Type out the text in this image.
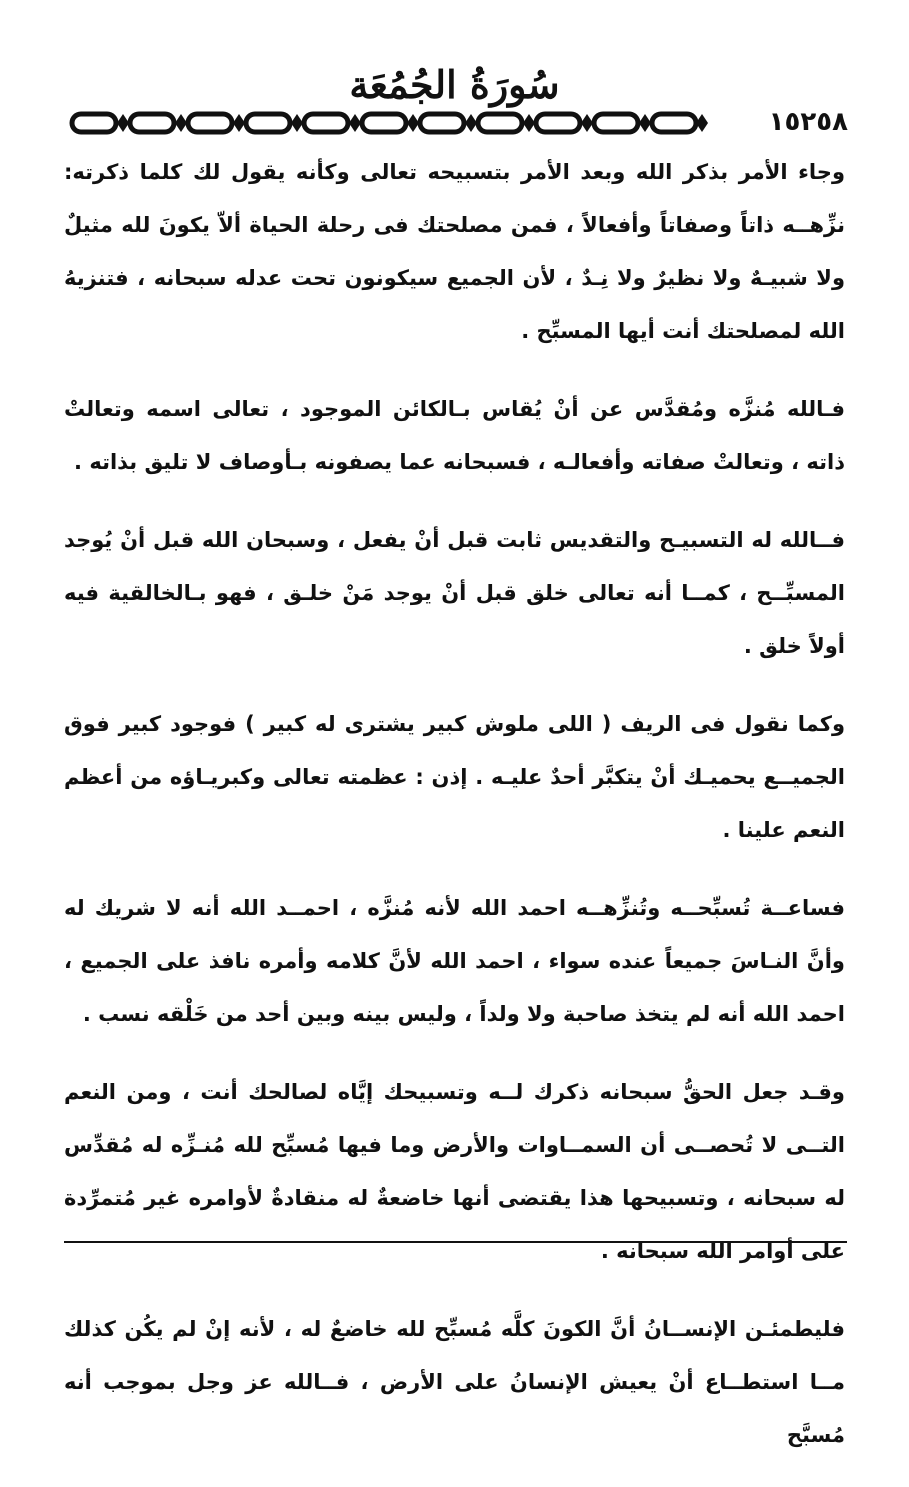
سُورَةُ الجُمُعَة
١٥٢٥٨

وجاء الأمر بذكر الله وبعد الأمر بتسبيحه تعالى وكأنه يقول لك كلما ذكرته: نزِّهــه ذاتاً وصفاتاً وأفعالاً ، فمن مصلحتك فى رحلة الحياة ألاّ يكونَ لله مثيلٌ ولا شبيـهٌ ولا نظيرٌ ولا نِـدٌ ، لأن الجميع سيكونون تحت عدله سبحانه ، فتنزيهُ الله لمصلحتك أنت أيها المسبِّح .

فـالله مُنزَّه ومُقدَّس عن أنْ يُقاس بـالكائن الموجود ، تعالى اسمه وتعالتْ ذاته ، وتعالتْ صفاته وأفعالـه ، فسبحانه عما يصفونه بـأوصاف لا تليق بذاته .

فــالله له التسبيـح والتقديس ثابت قبل أنْ يفعل ، وسبحان الله قبل أنْ يُوجد المسبِّــح ، كمــا أنه تعالى خلق قبل أنْ يوجد مَنْ خلـق ، فهو بـالخالقية فيه أولاً خلق .

وكما نقول فى الريف ( اللى ملوش كبير يشترى له كبير ) فوجود كبير فوق الجميــع يحميـك أنْ يتكبَّر أحدٌ عليـه . إذن : عظمته تعالى وكبريـاؤه من أعظم النعم علينا .

فساعــة تُسبِّحــه وتُنزِّهــه احمد الله لأنه مُنزَّه ، احمــد الله أنه لا شريك له وأنَّ النـاسَ جميعاً عنده سواء ، احمد الله لأنَّ كلامه وأمره نافذ على الجميع ، احمد الله أنه لم يتخذ صاحبة ولا ولداً ، وليس بينه وبين أحد من خَلْقه نسب .

وقـد جعل الحقُّ سبحانه ذكرك لــه وتسبيحك إيَّاه لصالحك أنت ، ومن النعم التــى لا تُحصــى أن السمــاوات والأرض وما فيها مُسبِّح لله مُنـزِّه له مُقدِّس له سبحانه ، وتسبيحها هذا يقتضى أنها خاضعةٌ له منقادةٌ لأوامره غير مُتمرِّدة على أوامر الله سبحانه .

فليطمئـن الإنســانُ أنَّ الكونَ كلَّه مُسبِّح لله خاضعٌ له ، لأنه إنْ لم يكُن كذلك مــا استطــاع أنْ يعيش الإنسانُ على الأرض ، فــالله عز وجل بموجب أنه مُسبَّح
